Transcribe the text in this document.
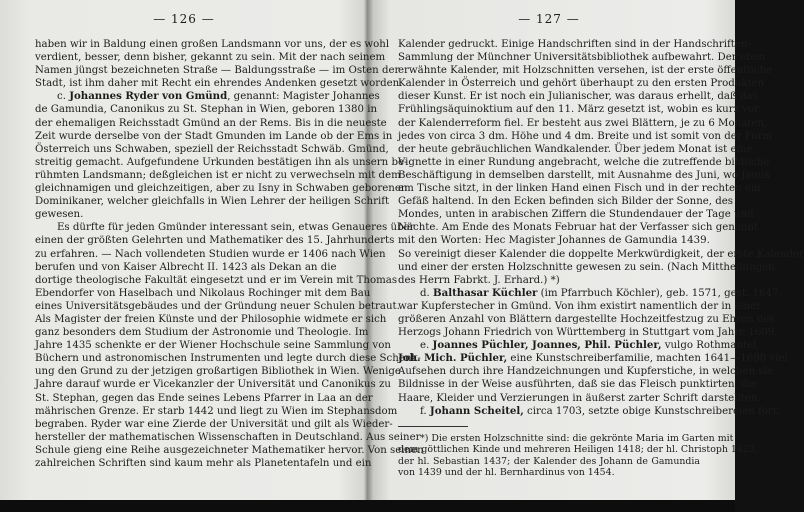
— 126 —
haben wir in Baldung einen großen Landsmann vor uns, der es wohl
verdient, besser, denn bisher, gekannt zu sein. Mit der nach seinem
Namen jüngst bezeichneten Straße — Baldungsstraße — im Osten der
Stadt, ist ihm daher mit Recht ein ehrendes Andenken gesetzt worden.
c. Johannes Ryder von Gmünd, genannt: Magister Johannes
de Gamundia, Canonikus zu St. Stephan in Wien, geboren 1380 in
der ehemaligen Reichsstadt Gmünd an der Rems. Bis in die neueste
Zeit wurde derselbe von der Stadt Gmunden im Lande ob der Ems in
Österreich uns Schwaben, speziell der Reichsstadt Schwäb. Gmünd,
streitig gemacht. Aufgefundene Urkunden bestätigen ihn als unsern be-
rühmten Landsmann; deßgleichen ist er nicht zu verwechseln mit dem
gleichnamigen und gleichzeitigen, aber zu Isny in Schwaben geborenen
Dominikaner, welcher gleichfalls in Wien Lehrer der heiligen Schrift
gewesen.
Es dürfte für jeden Gmünder interessant sein, etwas Genaueres über
einen der größten Gelehrten und Mathematiker des 15. Jahrhunderts
zu erfahren. — Nach vollendeten Studien wurde er 1406 nach Wien
berufen und von Kaiser Albrecht II. 1423 als Dekan an die
dortige theologische Fakultät eingesetzt und er im Verein mit Thomas
Ebendorfer von Haselbach und Nikolaus Rochinger mit dem Bau
eines Universitätsgebäudes und der Gründung neuer Schulen betraut.
Als Magister der freien Künste und der Philosophie widmete er sich
ganz besonders dem Studium der Astronomie und Theologie. Im
Jahre 1435 schenkte er der Wiener Hochschule seine Sammlung von
Büchern und astronomischen Instrumenten und legte durch diese Schenk-
ung den Grund zu der jetzigen großartigen Bibliothek in Wien. Wenige
Jahre darauf wurde er Vicekanzler der Universität und Canonikus zu
St. Stephan, gegen das Ende seines Lebens Pfarrer in Laa an der
mährischen Grenze. Er starb 1442 und liegt zu Wien im Stephansdom
begraben. Ryder war eine Zierde der Universität und gilt als Wieder-
hersteller der mathematischen Wissenschaften in Deutschland. Aus seiner
Schule gieng eine Reihe ausgezeichneter Mathematiker hervor. Von seinen
zahlreichen Schriften sind kaum mehr als Planetentafeln und ein
— 127 —
Kalender gedruckt. Einige Handschriften sind in der Handschriften-
Sammlung der Münchner Universitätsbibliothek aufbewahrt. Der eben
erwähnte Kalender, mit Holzschnitten versehen, ist der erste öffentliche
Kalender in Österreich und gehört überhaupt zu den ersten Produkten
dieser Kunst. Er ist noch ein Julianischer, was daraus erhellt, daß das
Frühlingsäquinoktium auf den 11. März gesetzt ist, wobin es kurz vor
der Kalenderreform fiel. Er besteht aus zwei Blättern, je zu 6 Monaten,
jedes von circa 3 dm. Höhe und 4 dm. Breite und ist somit von der Form
der heute gebräuchlichen Wandkalender. Über jedem Monat ist eine
Vignette in einer Rundung angebracht, welche die zutreffende bildliche
Beschäftigung in demselben darstellt, mit Ausnahme des Juni, wo Janus
am Tische sitzt, in der linken Hand einen Fisch und in der rechten ein
Gefäß haltend. In den Ecken befinden sich Bilder der Sonne, des
Mondes, unten in arabischen Ziffern die Stundendauer der Tage und
Nächte. Am Ende des Monats Februar hat der Verfasser sich genannt
mit den Worten: Hec Magister Johannes de Gamundia 1439.
So vereinigt dieser Kalender die doppelte Merkwürdigkeit, der erste Kalender
und einer der ersten Holzschnitte gewesen zu sein. (Nach Mittheilungen
des Herrn Fabrkt. J. Erhard.) *)
d. Balthasar Küchler (im Pfarrbuch Köchler), geb. 1571, gest. 1647,
war Kupferstecher in Gmünd. Von ihm existirt namentlich der in einer
größeren Anzahl von Blättern dargestellte Hochzeitfestzug zu Ehren des
Herzogs Johann Friedrich von Württemberg in Stuttgart vom Jahre 1609.
e. Joannes Püchler, Joannes, Phil. Püchler, vulgo Rothmantel,
Joh. Mich. Püchler, eine Kunstschreiberfamilie, machten 1641—1698 viel
Aufsehen durch ihre Handzeichnungen und Kupferstiche, in welchen sie
Bildnisse in der Weise ausführten, daß sie das Fleisch punktirten, die
Haare, Kleider und Verzierungen in äußerst zarter Schrift darstellten.
f. Johann Scheitel, circa 1703, setzte obige Kunstschreibereien fort.
*) Die ersten Holzschnitte sind: die gekrönte Maria im Garten mit
dem göttlichen Kinde und mehreren Heiligen 1418; der hl. Christoph 1423,
der hl. Sebastian 1437; der Kalender des Johann de Gamundia
von 1439 und der hl. Bernhardinus von 1454.
